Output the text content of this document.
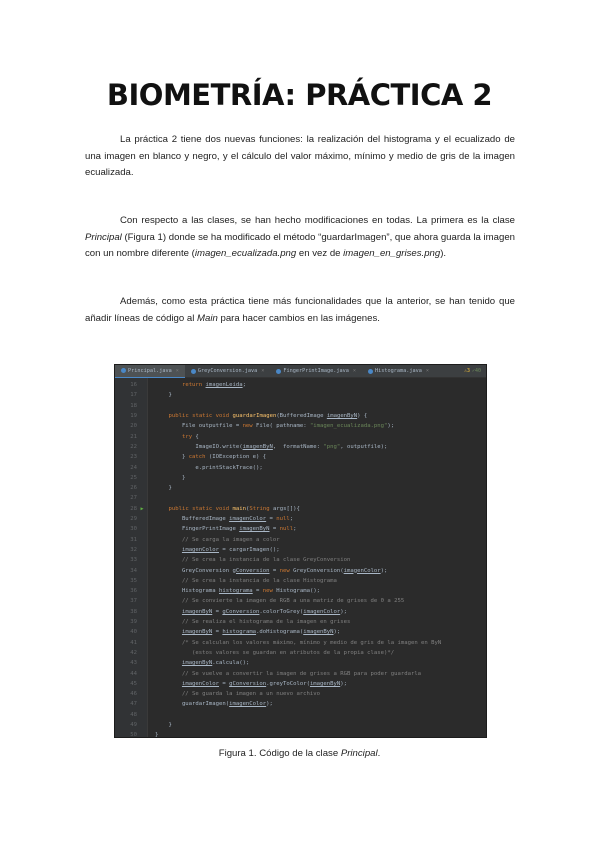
BIOMETRÍA: PRÁCTICA 2
La práctica 2 tiene dos nuevas funciones: la realización del histograma y el ecualizado de una imagen en blanco y negro, y el cálculo del valor máximo, mínimo y medio de gris de la imagen ecualizada.
Con respecto a las clases, se han hecho modificaciones en todas. La primera es la clase Principal (Figura 1) donde se ha modificado el método “guardarImagen”, que ahora guarda la imagen con un nombre diferente (imagen_ecualizada.png en vez de imagen_en_grises.png).
Además, como esta práctica tiene más funcionalidades que la anterior, se han tenido que añadir líneas de código al Main para hacer cambios en las imágenes.
Principal.java ×	GreyConversion.java ×	FingerPrintImage.java ×	Histograma.java ×	⚠3 ✓40
16	return imagenLeida;
17	}
18
19	public static void guardarImagen(BufferedImage imagenByN) {
20	File outputfile = new File( pathname: "imagen_ecualizada.png");
21	try {
22	ImageIO.write(imagenByN,  formatName: "png", outputfile);
23	} catch (IOException e) {
24	e.printStackTrace();
25	}
26	}
27
28 ▶	public static void main(String args[]){
29	BufferedImage imagenColor = null;
30	FingerPrintImage imagenByN = null;
31	// Se carga la imagen a color
32	imagenColor = cargarImagen();
33	// Se crea la instancia de la clase GreyConversion
34	GreyConversion gConversion = new GreyConversion(imagenColor);
35	// Se crea la instancia de la clase Histograma
36	Histograma histograma = new Histograma();
37	// Se convierte la imagen de RGB a una matriz de grises de 0 a 255
38	imagenByN = gConversion.colorToGrey(imagenColor);
39	// Se realiza el histograma de la imagen en grises
40	imagenByN = histograma.doHistograma(imagenByN);
41	/* Se calculan los valores máximo, mínimo y medio de gris de la imagen en ByN
42	(estos valores se guardan en atributos de la propia clase)*/
43	imagenByN.calcula();
44	// Se vuelve a convertir la imagen de grises a RGB para poder guardarla
45	imagenColor = gConversion.greyToColor(imagenByN);
46	// Se guarda la imagen a un nuevo archivo
47	guardarImagen(imagenColor);
48
49	}
50	}
Figura 1. Código de la clase Principal.
